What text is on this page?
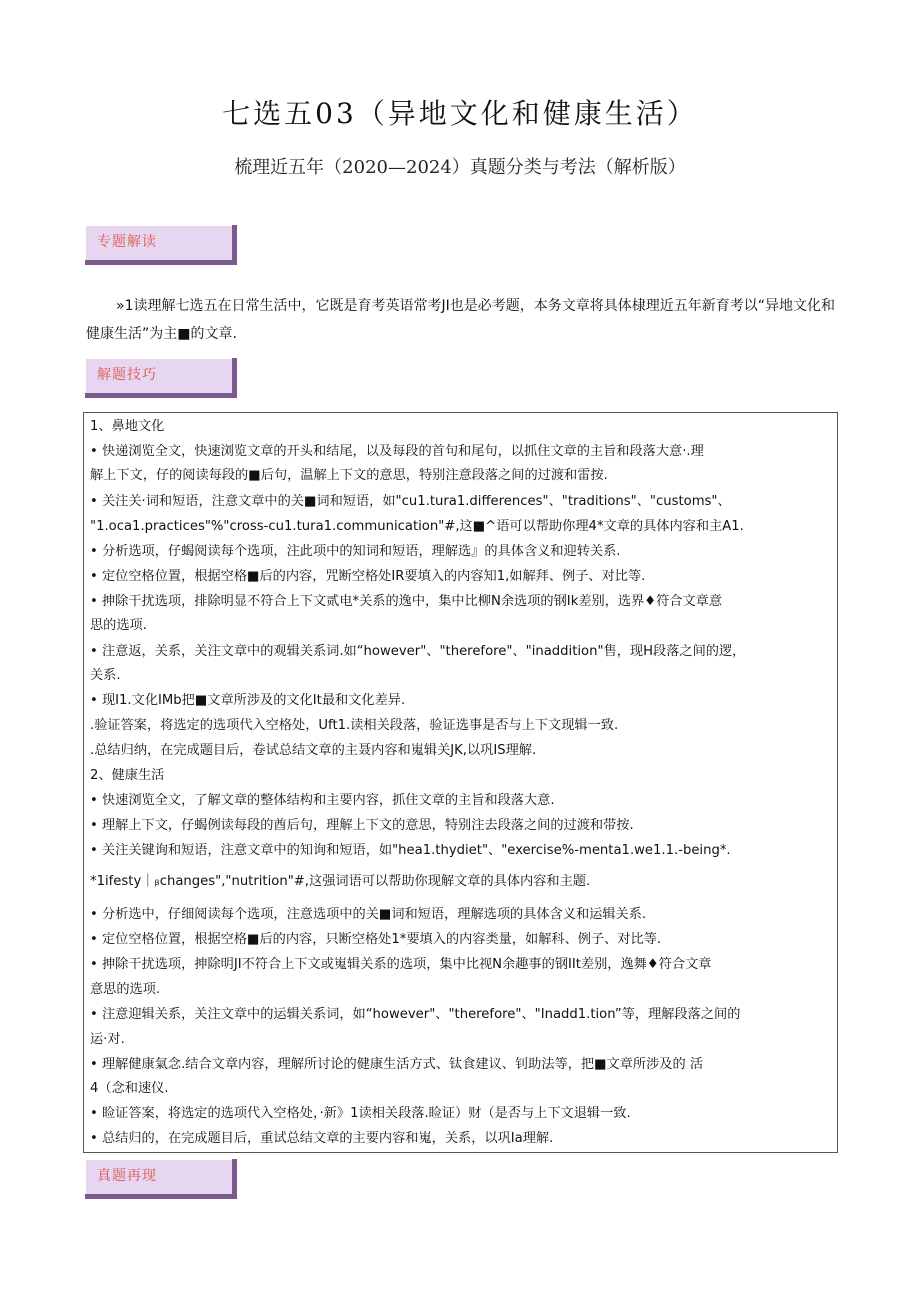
七选五03（异地文化和健康生活）
梳理近五年（2020—2024）真题分类与考法（解析版）
专题解读
»1读理解七选五在日常生活中，它既是育考英语常考JI也是必考题，本务文章将具体棣理近五年新育考以“异地文化和健康生活”为主■的文章.
解题技巧
1、鼻地文化
• 快递浏览全文，快速浏览文章的开头和结尾，以及每段的首句和尾句，以抓住文章的主旨和段落大意·.理
解上下文，仔的阅读每段的■后句，温解上下文的意思，特别注意段落之间的过渡和雷按.
• 关注关·词和短语，注意文章中的关■词和短语，如"cu1.tura1.differences"、"traditions"、"customs"、
"1.oca1.practices"%"cross-cu1.tura1.communication"#,这■^语可以帮助你理4*文章的具体内容和主A1.
• 分析选项，仔蝎阅读每个选项，注此项中的知词和短语，理解选』的具体含义和迎转关系.
• 定位空格位置，根据空格■后的内容，咒断空格处IR要填入的内容知1,如解拜、例子、对比等.
• 抻除干扰选项，排除明显不符合上下文贰电*关系的逸中，集中比柳N余选项的钢Ik差别，选界♦符合文章意
思的选项.
• 注意返，关系，关注文章中的观辑关系词.如“however"、"therefore"、"inaddition"售，现H段落之间的逻，
关系.
• 现I1.文化IMb把■文章所涉及的文化It最和文化差异.
.验证答案，将选定的选项代入空格处，Uft1.读相关段落，验证选事是否与上下文现辑一致.
.总结归纳，在完成题目后，卷试总结文章的主聂内容和嵬辑关JK,以巩IS理解.
2、健康生活
• 快速浏览全文，了解文章的整体结构和主要内容，抓住文章的主旨和段落大意.
• 理解上下文，仔蝎例读每段的酋后句，理解上下文的意思，特别注去段落之间的过渡和带按.
• 关注关键询和短语，注意文章中的知询和短语，如"hea1.thydiet"、"exercise%-menta1.we1.1.-being*.
*1ifesty｜ᵦchanges","nutrition"#,这强词语可以帮助你现解文章的具体内容和主题.
• 分析选中，仔细阅读每个选项，注意选项中的关■词和短语，理解选项的具体含义和运辑关系.
• 定位空格位置，根据空格■后的内容，只断空格处1*要填入的内容类量，如解科、例子、对比等.
• 抻除干扰选项，抻除明JI不符合上下文或嵬辑关系的选项，集中比视N余趣事的钢IIt差别，逸舞♦符合文章
意思的选项.
• 注意迎辑关系，关注文章中的运辑关系词，如“however"、"therefore"、"Inadd1.tion”等，理解段落之间的
运·对.
• 理解健康氣念.结合文章内容，理解所讨论的健康生活方式、钛食建议、钊助法等，把■文章所涉及的 活
4（念和速仪.
• 睑证答案，将选定的选项代入空格处，·新》1读相关段落.睑证）财（是否与上下文退辑一致.
• 总结归的，在完成题目后，重试总结文章的主要内容和嵬，关系，以巩Ia理解.
真题再现
